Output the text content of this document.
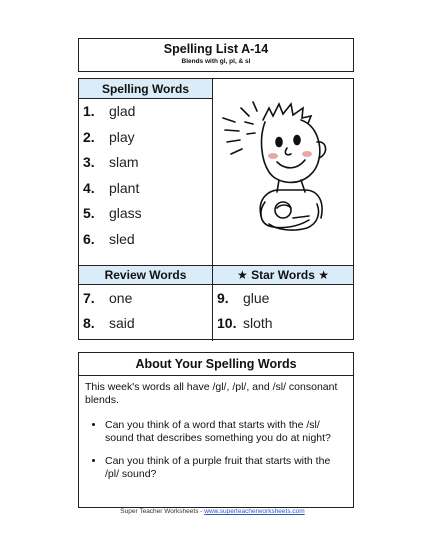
Spelling List A-14
Blends with gl, pl, & sl
Spelling Words
1. glad
2. play
3. slam
4. plant
5. glass
6. sled
Review Words	★ Star Words ★
7. one
8. said
9. glue
10. sloth
About Your Spelling Words
This week's words all have /gl/, /pl/, and /sl/ consonant blends.
• Can you think of a word that starts with the /sl/ sound that describes something you do at night?
• Can you think of a purple fruit that starts with the /pl/ sound?
Super Teacher Worksheets - www.superteacherworksheets.com
